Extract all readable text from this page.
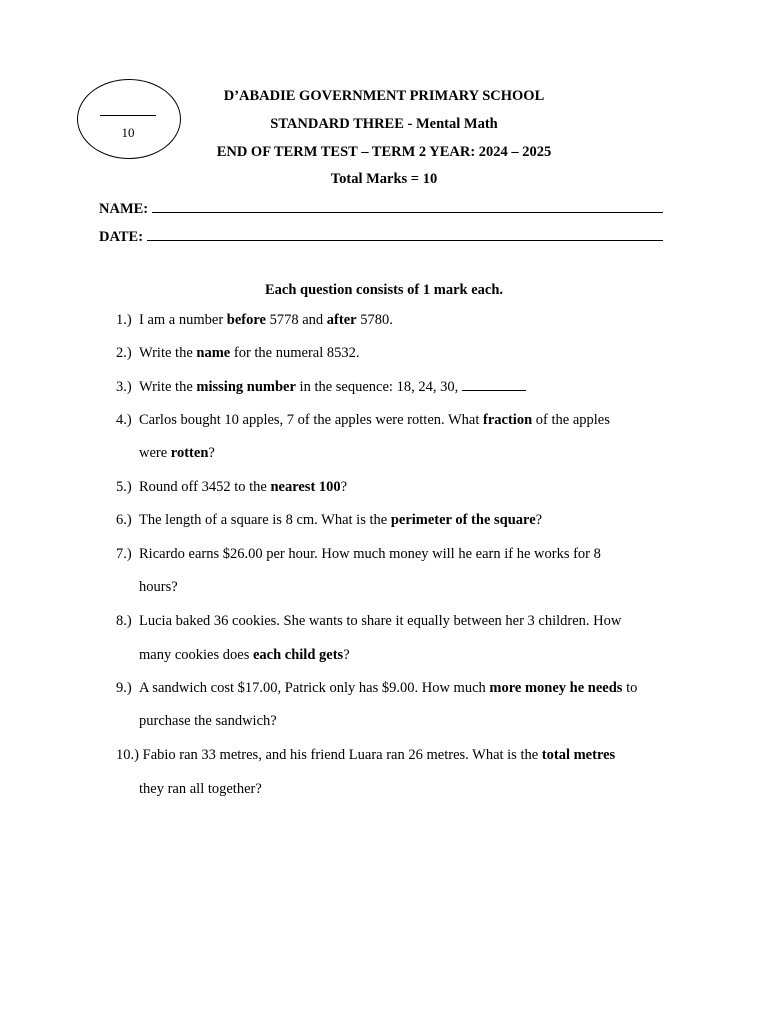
10
D’ABADIE GOVERNMENT PRIMARY SCHOOL
STANDARD THREE - Mental Math
END OF TERM TEST – TERM 2 YEAR: 2024 – 2025
Total Marks = 10
NAME:
DATE:
Each question consists of 1 mark each.
1.) I am a number before 5778 and after 5780.
2.) Write the name for the numeral 8532.
3.) Write the missing number in the sequence: 18, 24, 30,
4.) Carlos bought 10 apples, 7 of the apples were rotten. What fraction of the apples
were rotten?
5.) Round off 3452 to the nearest 100?
6.) The length of a square is 8 cm. What is the perimeter of the square?
7.) Ricardo earns $26.00 per hour. How much money will he earn if he works for 8
hours?
8.) Lucia baked 36 cookies. She wants to share it equally between her 3 children. How
many cookies does each child gets?
9.) A sandwich cost $17.00, Patrick only has $9.00. How much more money he needs to
purchase the sandwich?
10.) Fabio ran 33 metres, and his friend Luara ran 26 metres. What is the total metres
they ran all together?
